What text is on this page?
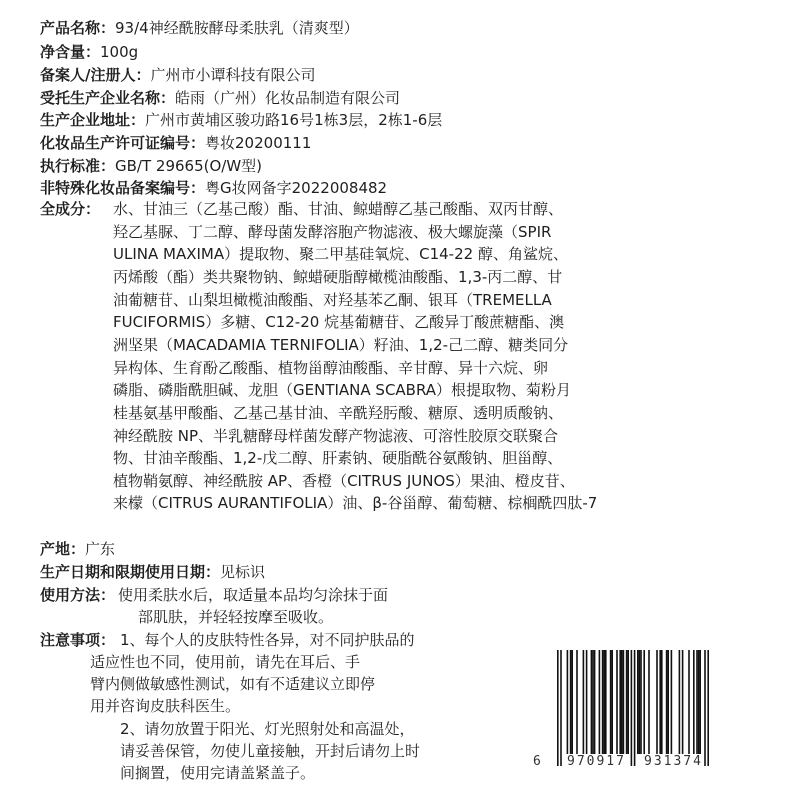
产品名称：93/4神经酰胺酵母柔肤乳（清爽型）
净含量：100g
备案人/注册人：广州市小谭科技有限公司
受托生产企业名称：皓雨（广州）化妆品制造有限公司
生产企业地址：广州市黄埔区骏功路16号1栋3层，2栋1-6层
化妆品生产许可证编号：粤妆20200111
执行标准：GB/T 29665(O/W型)
非特殊化妆品备案编号：粤G妆网备字2022008482
全成分： 水、甘油三（乙基己酸）酯、甘油、鲸蜡醇乙基己酸酯、双丙甘醇、
羟乙基脲、丁二醇、酵母菌发酵溶胞产物滤液、极大螺旋藻（SPIR
ULINA MAXIMA）提取物、聚二甲基硅氧烷、C14-22 醇、角鲨烷、
丙烯酸（酯）类共聚物钠、鲸蜡硬脂醇橄榄油酸酯、1,3-丙二醇、甘
油葡糖苷、山梨坦橄榄油酸酯、对羟基苯乙酮、银耳（TREMELLA
FUCIFORMIS）多糖、C12-20 烷基葡糖苷、乙酸异丁酸蔗糖酯、澳
洲坚果（MACADAMIA TERNIFOLIA）籽油、1,2-己二醇、糖类同分
异构体、生育酚乙酸酯、植物甾醇油酸酯、辛甘醇、异十六烷、卵
磷脂、磷脂酰胆碱、龙胆（GENTIANA SCABRA）根提取物、菊粉月
桂基氨基甲酸酯、乙基己基甘油、辛酰羟肟酸、糖原、透明质酸钠、
神经酰胺 NP、半乳糖酵母样菌发酵产物滤液、可溶性胶原交联聚合
物、甘油辛酸酯、1,2-戊二醇、肝素钠、硬脂酰谷氨酸钠、胆甾醇、
植物鞘氨醇、神经酰胺 AP、香橙（CITRUS JUNOS）果油、橙皮苷、
来檬（CITRUS AURANTIFOLIA）油、β-谷甾醇、葡萄糖、棕榈酰四肽-7
产地：广东
生产日期和限期使用日期：见标识
使用方法： 使用柔肤水后，取适量本品均匀涂抹于面
部肌肤，并轻轻按摩至吸收。
注意事项： 1、每个人的皮肤特性各异，对不同护肤品的
适应性也不同，使用前，请先在耳后、手
臂内侧做敏感性测试，如有不适建议立即停
用并咨询皮肤科医生。
2、请勿放置于阳光、灯光照射处和高温处，
请妥善保管，勿使儿童接触，开封后请勿上时
间搁置，使用完请盖紧盖子。
6 970917 931374
